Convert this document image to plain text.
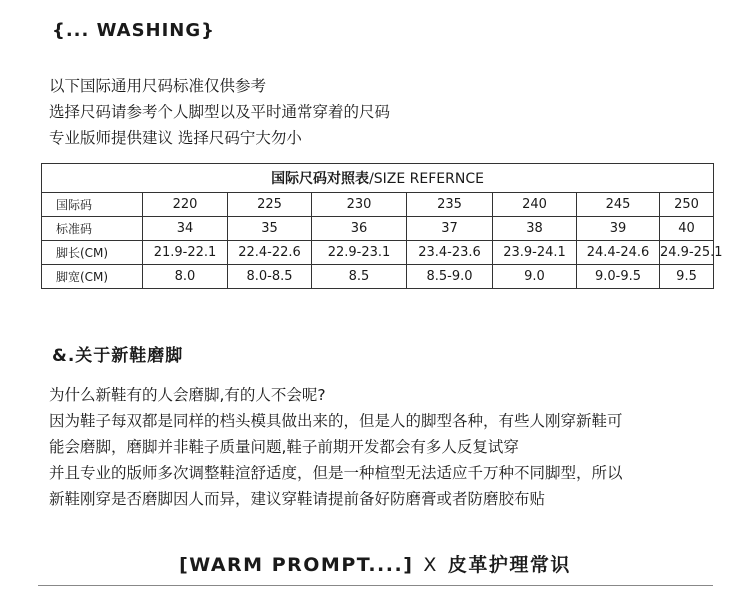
{... WASHING}
以下国际通用尺码标准仅供参考
选择尺码请参考个人脚型以及平时通常穿着的尺码
专业版师提供建议 选择尺码宁大勿小
国际尺码对照表/SIZE REFERNCE							
国际码	220	225	230	235	240	245	250
标准码	34	35	36	37	38	39	40
脚长(CM)	21.9-22.1	22.4-22.6	22.9-23.1	23.4-23.6	23.9-24.1	24.4-24.6	24.9-25.1
脚宽(CM)	8.0	8.0-8.5	8.5	8.5-9.0	9.0	9.0-9.5	9.5
&.关于新鞋磨脚
为什么新鞋有的人会磨脚,有的人不会呢?
因为鞋子每双都是同样的档头模具做出来的，但是人的脚型各种，有些人刚穿新鞋可
能会磨脚，磨脚并非鞋子质量问题,鞋子前期开发都会有多人反复试穿
并且专业的版师多次调整鞋渲舒适度，但是一种楦型无法适应千万种不同脚型，所以
新鞋刚穿是否磨脚因人而异，建议穿鞋请提前备好防磨膏或者防磨胶布贴
[WARM PROMPT....] X 皮革护理常识
